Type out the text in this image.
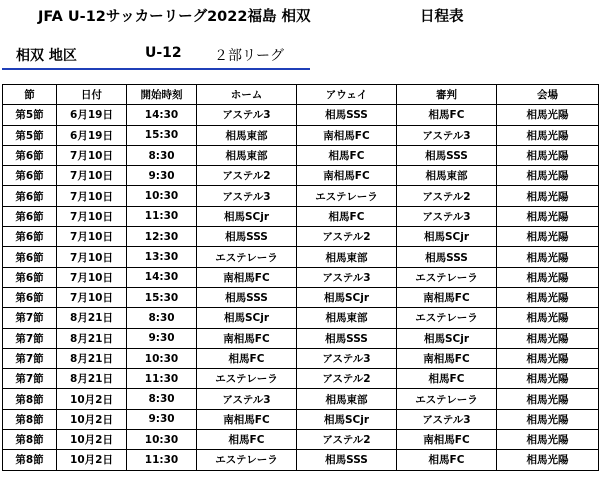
JFA U-12サッカーリーグ2022福島 相双	日程表
相双 地区	U-12 ２部リーグ
節	日付	開始時刻	ホーム	アウェイ	審判	会場
第5節	6月19日	14:30	アステル3	相馬SSS	相馬FC	相馬光陽
第5節	6月19日	15:30	相馬東部	南相馬FC	アステル3	相馬光陽
第6節	7月10日	8:30	相馬東部	相馬FC	相馬SSS	相馬光陽
第6節	7月10日	9:30	アステル2	南相馬FC	相馬東部	相馬光陽
第6節	7月10日	10:30	アステル3	エステレーラ	アステル2	相馬光陽
第6節	7月10日	11:30	相馬SCjr	相馬FC	アステル3	相馬光陽
第6節	7月10日	12:30	相馬SSS	アステル2	相馬SCjr	相馬光陽
第6節	7月10日	13:30	エステレーラ	相馬東部	相馬SSS	相馬光陽
第6節	7月10日	14:30	南相馬FC	アステル3	エステレーラ	相馬光陽
第6節	7月10日	15:30	相馬SSS	相馬SCjr	南相馬FC	相馬光陽
第7節	8月21日	8:30	相馬SCjr	相馬東部	エステレーラ	相馬光陽
第7節	8月21日	9:30	南相馬FC	相馬SSS	相馬SCjr	相馬光陽
第7節	8月21日	10:30	相馬FC	アステル3	南相馬FC	相馬光陽
第7節	8月21日	11:30	エステレーラ	アステル2	相馬FC	相馬光陽
第8節	10月2日	8:30	アステル3	相馬東部	エステレーラ	相馬光陽
第8節	10月2日	9:30	南相馬FC	相馬SCjr	アステル3	相馬光陽
第8節	10月2日	10:30	相馬FC	アステル2	南相馬FC	相馬光陽
第8節	10月2日	11:30	エステレーラ	相馬SSS	相馬FC	相馬光陽
